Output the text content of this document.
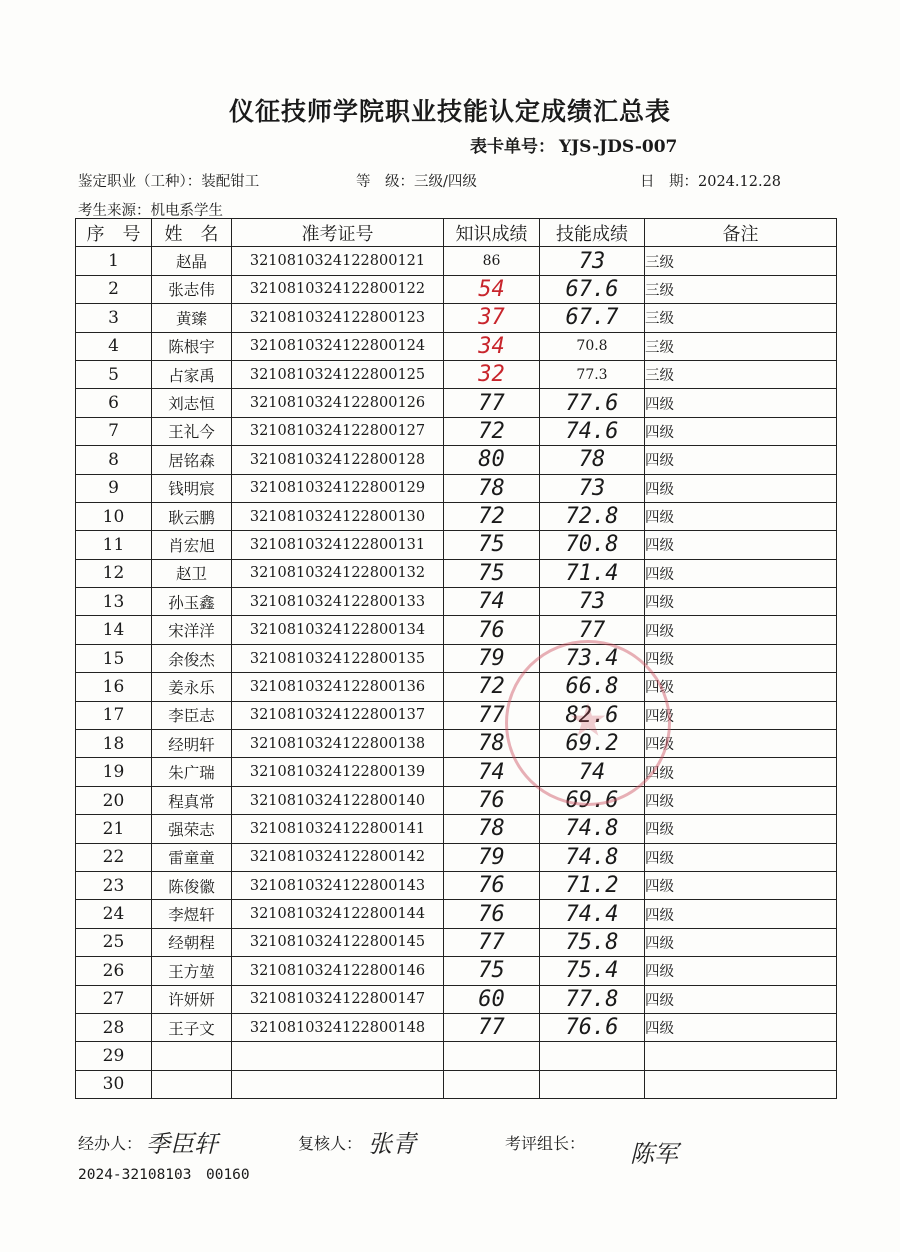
仪征技师学院职业技能认定成绩汇总表
表卡单号： YJS-JDS-007
鉴定职业（工种）：装配钳工	等　级：三级/四级	日　期：2024.12.28
考生来源：机电系学生
序　号	姓　名	准考证号	知识成绩	技能成绩	备注
1	赵晶	3210810324122800121	86	73	三级
2	张志伟	3210810324122800122	54	67.6	三级
3	黄臻	3210810324122800123	37	67.7	三级
4	陈根宇	3210810324122800124	34	70.8	三级
5	占家禹	3210810324122800125	32	77.3	三级
6	刘志恒	3210810324122800126	77	77.6	四级
7	王礼今	3210810324122800127	72	74.6	四级
8	居铭森	3210810324122800128	80	78	四级
9	钱明宸	3210810324122800129	78	73	四级
10	耿云鹏	3210810324122800130	72	72.8	四级
11	肖宏旭	3210810324122800131	75	70.8	四级
12	赵卫	3210810324122800132	75	71.4	四级
13	孙玉鑫	3210810324122800133	74	73	四级
14	宋洋洋	3210810324122800134	76	77	四级
15	余俊杰	3210810324122800135	79	73.4	四级
16	姜永乐	3210810324122800136	72	66.8	四级
17	李臣志	3210810324122800137	77	82.6	四级
18	经明轩	3210810324122800138	78	69.2	四级
19	朱广瑞	3210810324122800139	74	74	四级
20	程真常	3210810324122800140	76	69.6	四级
21	强荣志	3210810324122800141	78	74.8	四级
22	雷童童	3210810324122800142	79	74.8	四级
23	陈俊徽	3210810324122800143	76	71.2	四级
24	李煜轩	3210810324122800144	76	74.4	四级
25	经朝程	3210810324122800145	77	75.8	四级
26	王方堃	3210810324122800146	75	75.4	四级
27	许妍妍	3210810324122800147	60	77.8	四级
28	王子文	3210810324122800148	77	76.6	四级
29					
30					
经办人： 季臣轩	复核人： 张青	考评组长： 陈军
2024-32108103　00160
